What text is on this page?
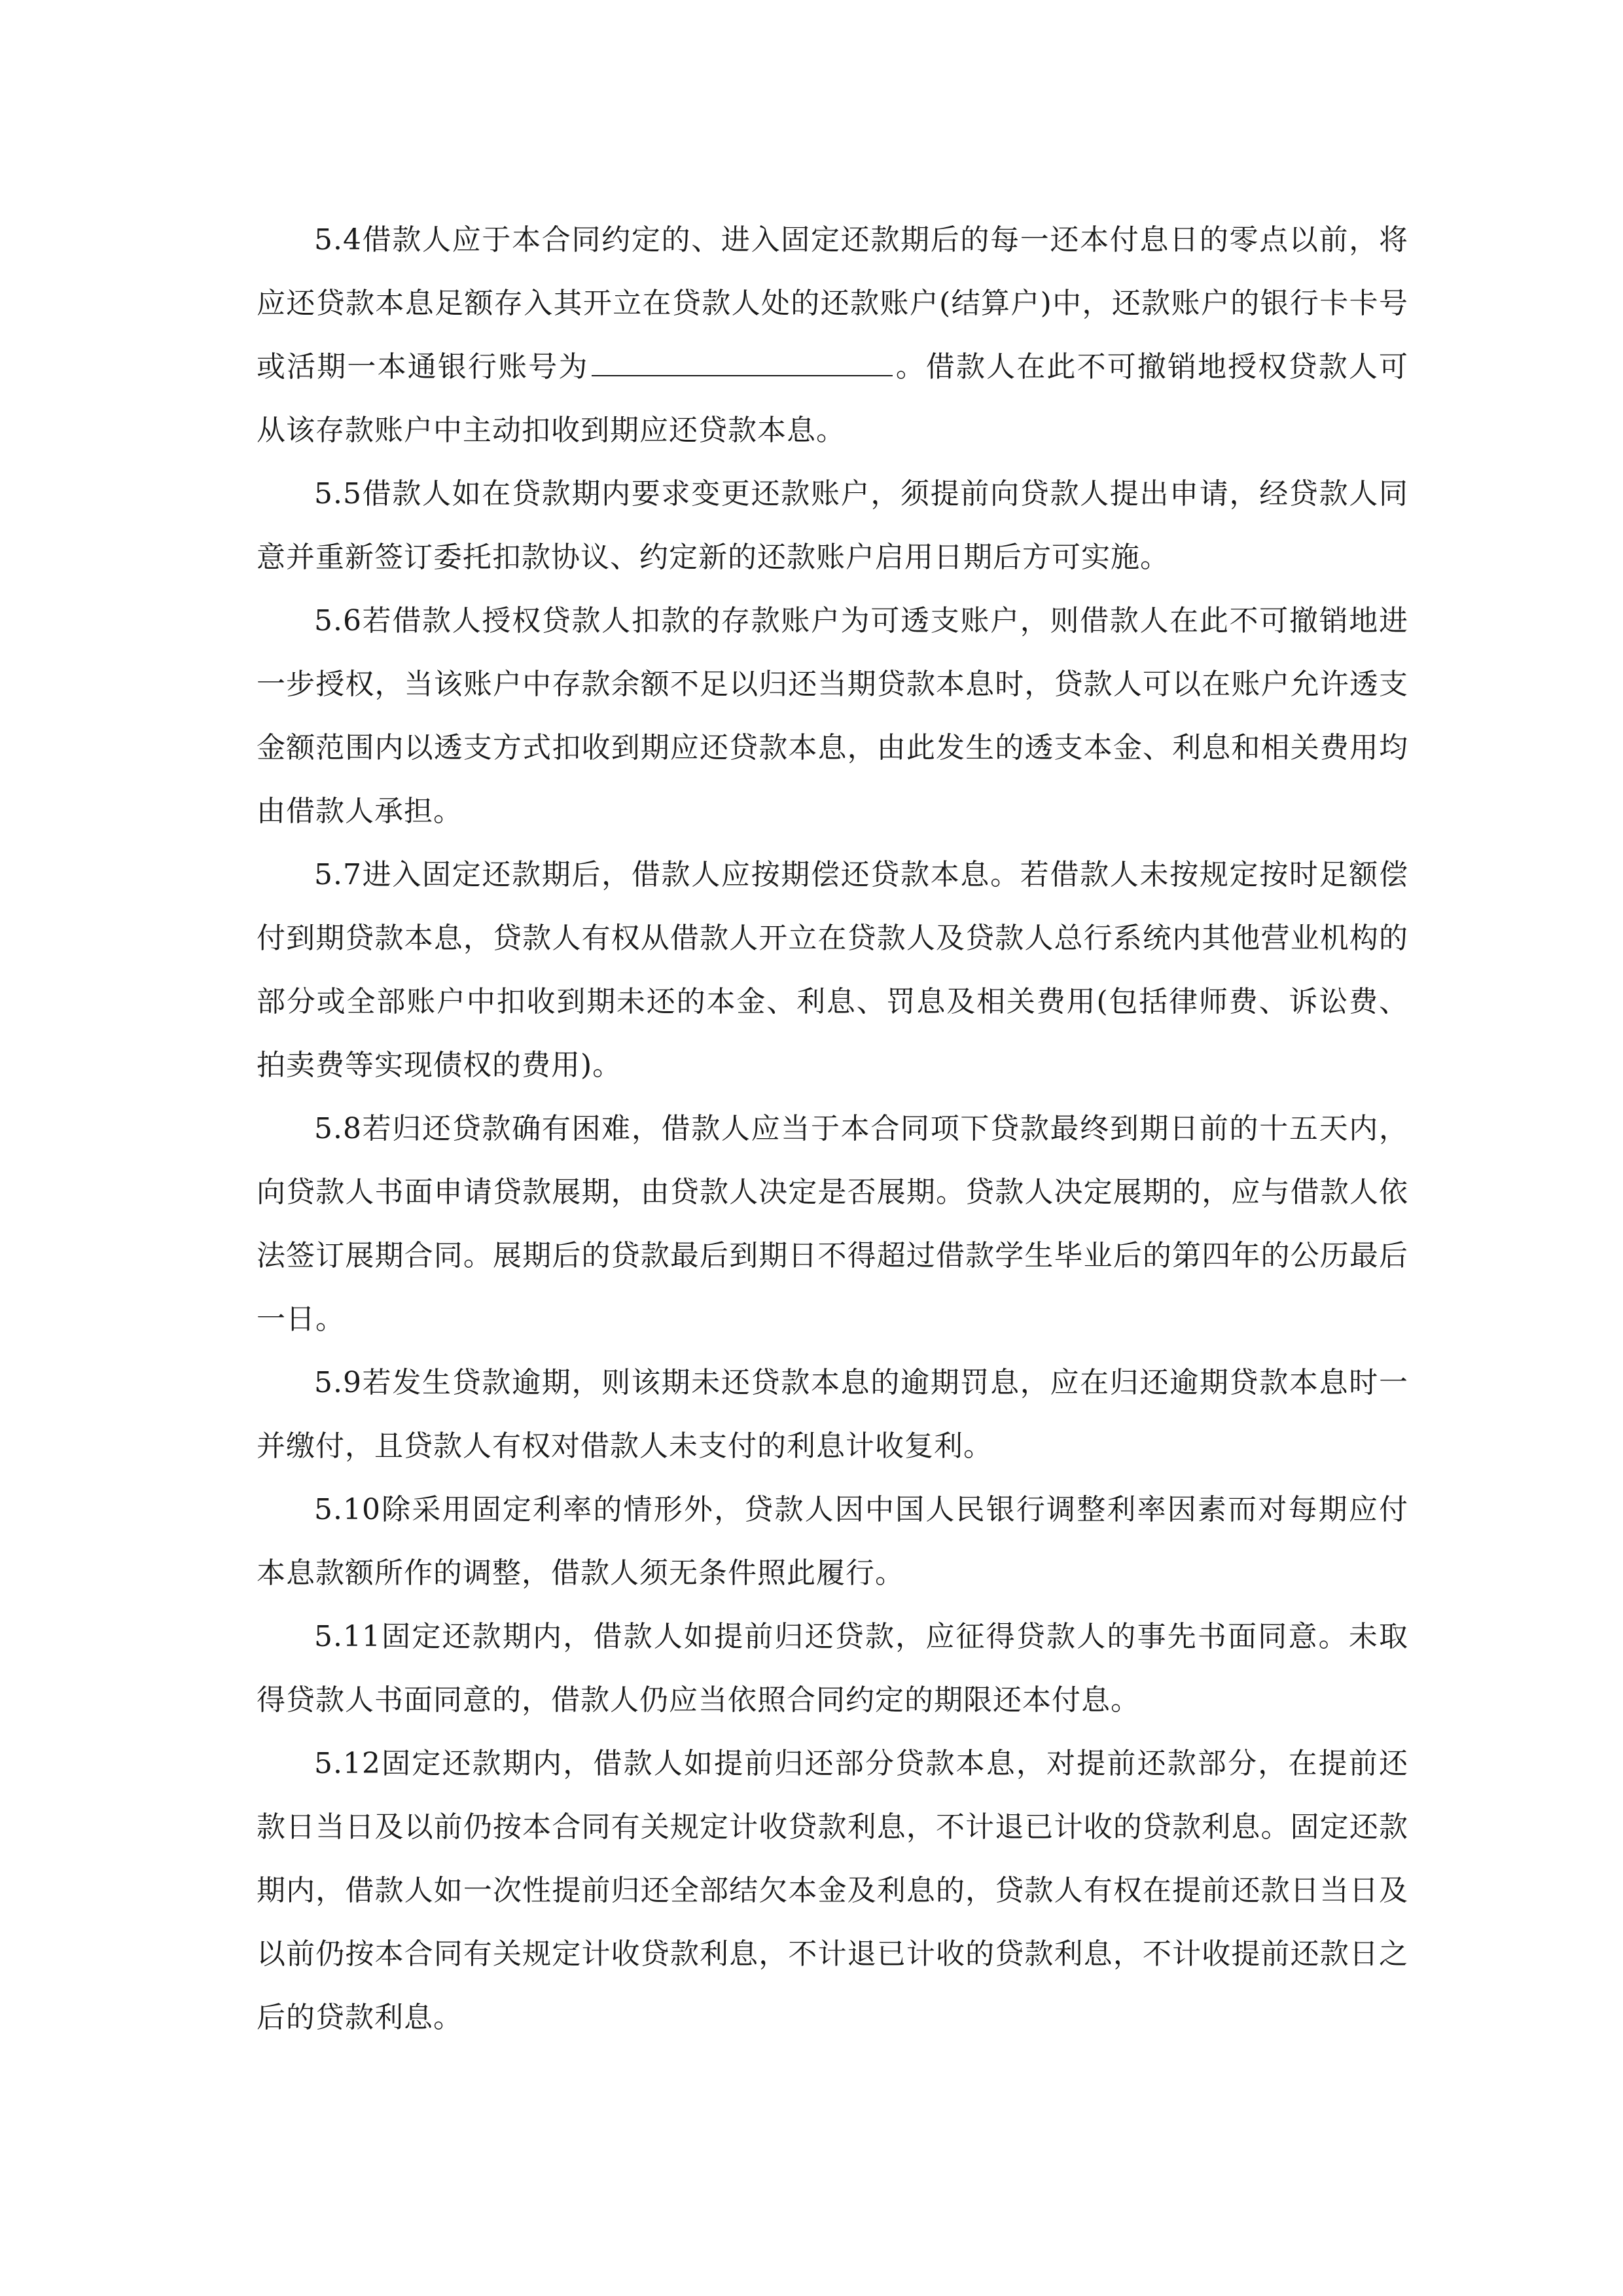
5.4借款人应于本合同约定的、进入固定还款期后的每一还本付息日的零点以前，将应还贷款本息足额存入其开立在贷款人处的还款账户(结算户)中，还款账户的银行卡卡号或活期一本通银行账号为	。借款人在此不可撤销地授权贷款人可从该存款账户中主动扣收到期应还贷款本息。

5.5借款人如在贷款期内要求变更还款账户，须提前向贷款人提出申请，经贷款人同意并重新签订委托扣款协议、约定新的还款账户启用日期后方可实施。

5.6若借款人授权贷款人扣款的存款账户为可透支账户，则借款人在此不可撤销地进一步授权，当该账户中存款余额不足以归还当期贷款本息时，贷款人可以在账户允许透支金额范围内以透支方式扣收到期应还贷款本息，由此发生的透支本金、利息和相关费用均由借款人承担。

5.7进入固定还款期后，借款人应按期偿还贷款本息。若借款人未按规定按时足额偿付到期贷款本息，贷款人有权从借款人开立在贷款人及贷款人总行系统内其他营业机构的部分或全部账户中扣收到期未还的本金、利息、罚息及相关费用(包括律师费、诉讼费、拍卖费等实现债权的费用)。

5.8若归还贷款确有困难，借款人应当于本合同项下贷款最终到期日前的十五天内，向贷款人书面申请贷款展期，由贷款人决定是否展期。贷款人决定展期的，应与借款人依法签订展期合同。展期后的贷款最后到期日不得超过借款学生毕业后的第四年的公历最后一日。

5.9若发生贷款逾期，则该期未还贷款本息的逾期罚息，应在归还逾期贷款本息时一并缴付，且贷款人有权对借款人未支付的利息计收复利。

5.10除采用固定利率的情形外，贷款人因中国人民银行调整利率因素而对每期应付本息款额所作的调整，借款人须无条件照此履行。

5.11固定还款期内，借款人如提前归还贷款，应征得贷款人的事先书面同意。未取得贷款人书面同意的，借款人仍应当依照合同约定的期限还本付息。

5.12固定还款期内，借款人如提前归还部分贷款本息，对提前还款部分，在提前还款日当日及以前仍按本合同有关规定计收贷款利息，不计退已计收的贷款利息。固定还款期内，借款人如一次性提前归还全部结欠本金及利息的，贷款人有权在提前还款日当日及以前仍按本合同有关规定计收贷款利息，不计退已计收的贷款利息，不计收提前还款日之后的贷款利息。
